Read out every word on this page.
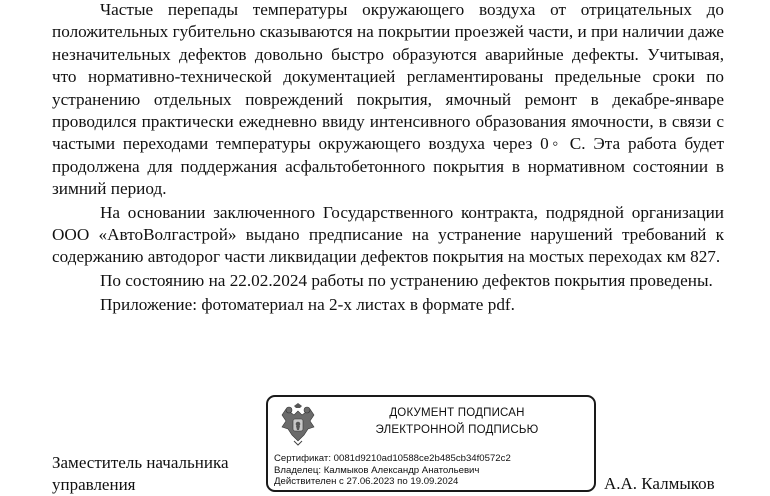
Частые перепады температуры окружающего воздуха от отрицательных до положительных губительно сказываются на покрытии проезжей части, и при наличии даже незначительных дефектов довольно быстро образуются аварийные дефекты. Учитывая, что нормативно-технической документацией регламентированы предельные сроки по устранению отдельных повреждений покрытия, ямочный ремонт в декабре-январе проводился практически ежедневно ввиду интенсивного образования ямочности, в связи с частыми переходами температуры окружающего воздуха через 0◦ С. Эта работа будет продолжена для поддержания асфальтобетонного покрытия в нормативном состоянии в зимний период.

На основании заключенного Государственного контракта, подрядной организации ООО «АвтоВолгастрой» выдано предписание на устранение нарушений требований к содержанию автодорог части ликвидации дефектов покрытия на мостых переходах км 827.

По состоянию на 22.02.2024 работы по устранению дефектов покрытия проведены.

Приложение: фотоматериал на 2-х листах в формате pdf.

Заместитель начальника
управления
ДОКУМЕНТ ПОДПИСАН
ЭЛЕКТРОННОЙ ПОДПИСЬЮ
Сертификат: 0081d9210ad10588ce2b485cb34f0572c2
Владелец: Калмыков Александр Анатольевич
Действителен с 27.06.2023 по 19.09.2024	А.А. Калмыков
